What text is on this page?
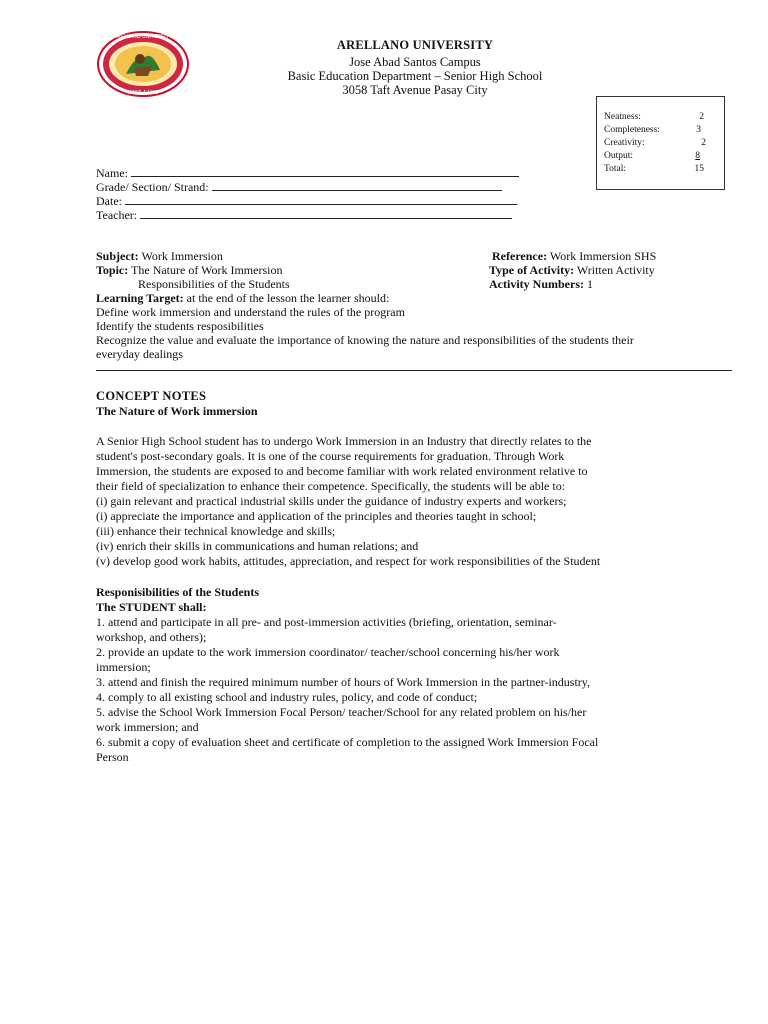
ARELLANO UNIVERSITY
MANILA 1938
ARELLANO UNIVERSITY
Jose Abad Santos Campus
Basic Education Department – Senior High School
3058 Taft Avenue Pasay City
Neatness:	2
Completeness:	3
Creativity:	2
Output:	8
Total:	15
Name:
Grade/ Section/ Strand:
Date:
Teacher:
Subject: Work Immersion
Topic: The Nature of Work Immersion
Responsibilities of the Students
Reference: Work Immersion SHS
Type of Activity: Written Activity
Activity Numbers: 1
Learning Target: at the end of the lesson the learner should:
Define work immersion and understand the rules of the program
Identify the students resposibilities
Recognize the value and evaluate the importance of knowing the nature and responsibilities of the students their
everyday dealings

CONCEPT NOTES

The Nature of Work immersion

A Senior High School student has to undergo Work Immersion in an Industry that directly relates to the

student's post-secondary goals. It is one of the course requirements for graduation. Through Work

Immersion, the students are exposed to and become familiar with work related environment relative to

their field of specialization to enhance their competence. Specifically, the students will be able to:

(i) gain relevant and practical industrial skills under the guidance of industry experts and workers;

(i) appreciate the importance and application of the principles and theories taught in school;

(iii) enhance their technical knowledge and skills;

(iv) enrich their skills in communications and human relations; and

(v) develop good work habits, attitudes, appreciation, and respect for work responsibilities of the Student

Responisibilities of the Students

The STUDENT shall:

1. attend and participate in all pre- and post-immersion activities (briefing, orientation, seminar-

workshop, and others);

2. provide an update to the work immersion coordinator/ teacher/school concerning his/her work

immersion;

3. attend and finish the required minimum number of hours of Work Immersion in the partner-industry,

4. comply to all existing school and industry rules, policy, and code of conduct;

5. advise the School Work Immersion Focal Person/ teacher/School for any related problem on his/her

work immersion; and

6. submit a copy of evaluation sheet and certificate of completion to the assigned Work Immersion Focal

Person
